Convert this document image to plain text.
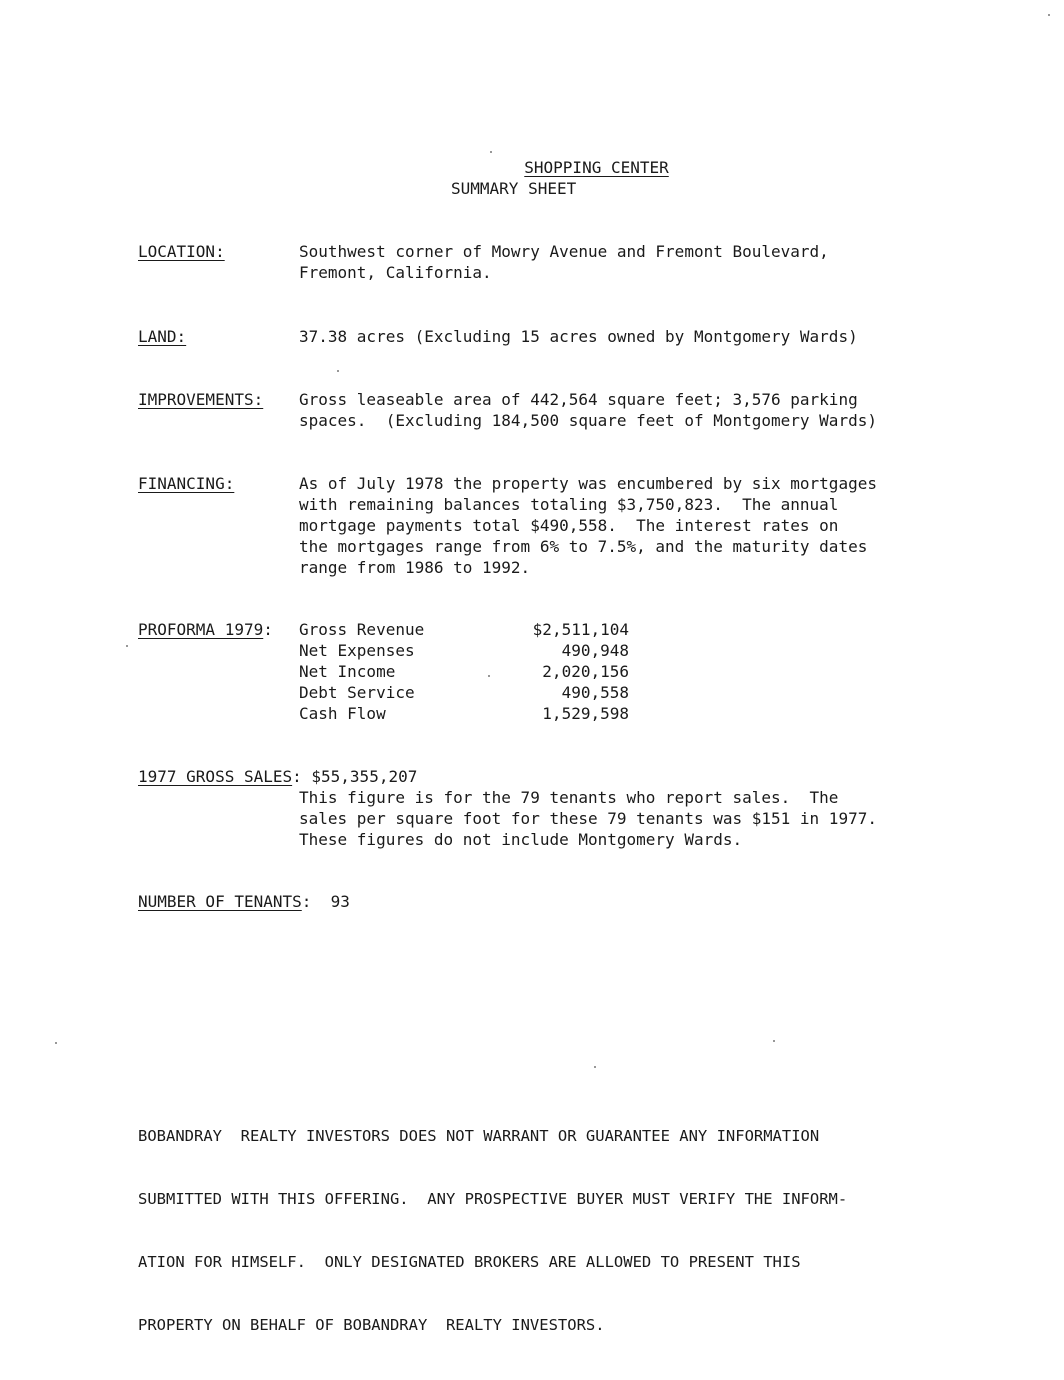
SHOPPING CENTER

SUMMARY SHEET
LOCATION:	Southwest corner of Mowry Avenue and Fremont Boulevard,
Fremont, California.
LAND:	37.38 acres (Excluding 15 acres owned by Montgomery Wards)
IMPROVEMENTS: Gross leaseable area of 442,564 square feet; 3,576 parking
spaces.  (Excluding 184,500 square feet of Montgomery Wards)
FINANCING:	As of July 1978 the property was encumbered by six mortgages
with remaining balances totaling $3,750,823.  The annual
mortgage payments total $490,558.  The interest rates on
the mortgages range from 6% to 7.5%, and the maturity dates
range from 1986 to 1992.
PROFORMA 1979: Gross Revenue	$2,511,104
Net Expenses	490,948
Net Income	2,020,156
Debt Service	490,558
Cash Flow	1,529,598
1977 GROSS SALES: $55,355,207
This figure is for the 79 tenants who report sales.  The
sales per square foot for these 79 tenants was $151 in 1977.
These figures do not include Montgomery Wards.
NUMBER OF TENANTS:  93

BOBANDRAY  REALTY INVESTORS DOES NOT WARRANT OR GUARANTEE ANY INFORMATION

SUBMITTED WITH THIS OFFERING.  ANY PROSPECTIVE BUYER MUST VERIFY THE INFORM-

ATION FOR HIMSELF.  ONLY DESIGNATED BROKERS ARE ALLOWED TO PRESENT THIS

PROPERTY ON BEHALF OF BOBANDRAY  REALTY INVESTORS.
